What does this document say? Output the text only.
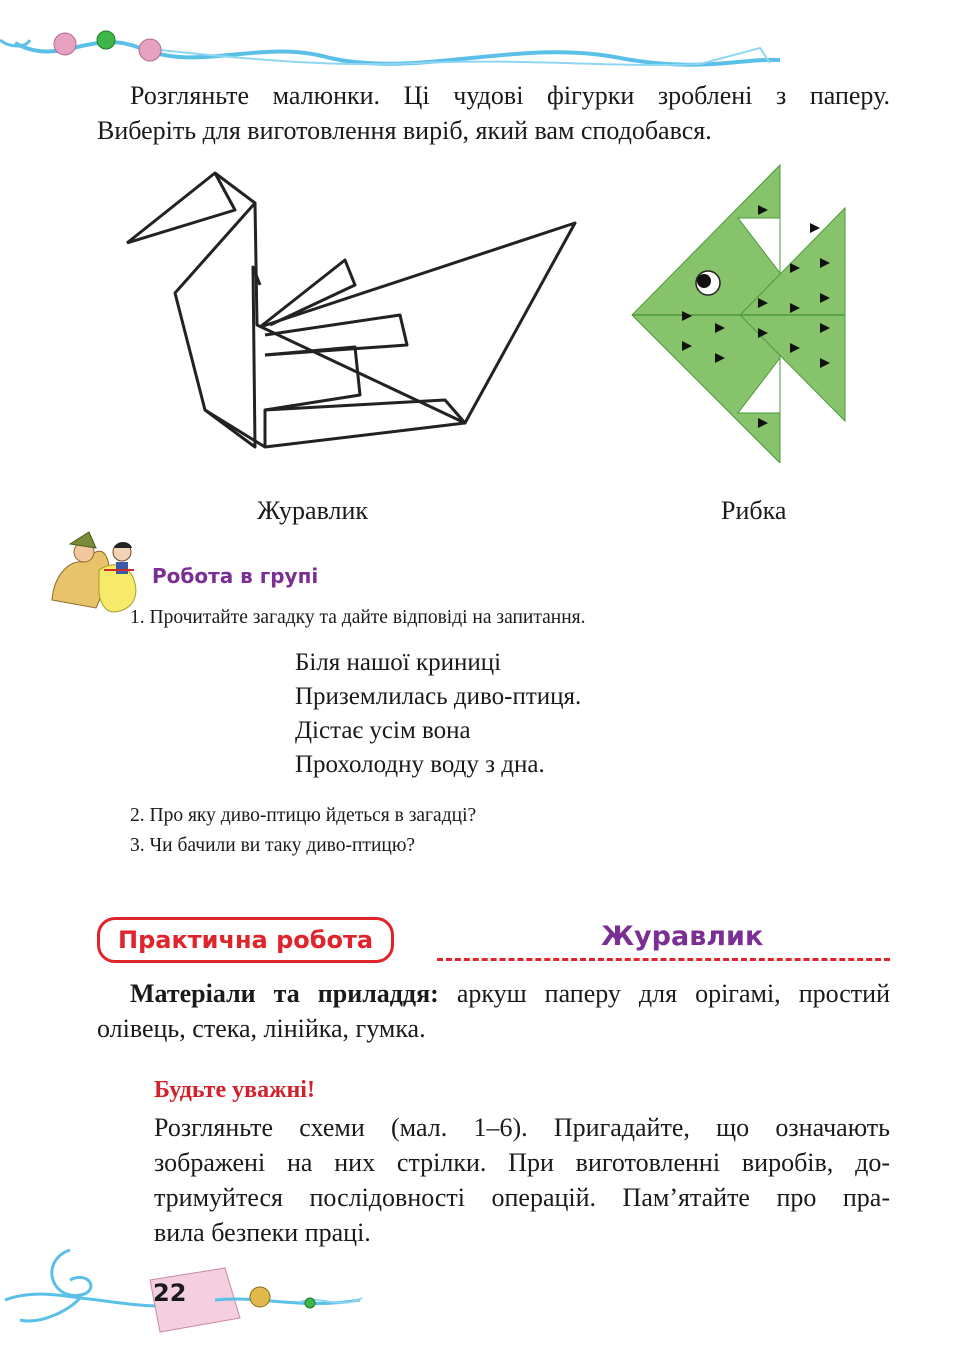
Розгляньте малюнки. Ці чудові фігурки зроблені з паперу.
Виберіть для виготовлення виріб, який вам сподобався.
Журавлик	Рибка
Робота в групі
1. Прочитайте загадку та дайте відповіді на запитання.
Біля нашої криниці
Приземлилась диво-птиця.
Дістає усім вона
Прохолодну воду з дна.
2. Про яку диво-птицю йдеться в загадці?
3. Чи бачили ви таку диво-птицю?
Практична робота	Журавлик
Матеріали та приладдя: аркуш паперу для орігамі, простий
олівець, стека, лінійка, гумка.
Будьте уважні!
Розгляньте схеми (мал. 1–6). Пригадайте, що означають
зображені на них стрілки. При виготовленні виробів, до-
тримуйтеся послідовності операцій. Пам’ятайте про пра-
вила безпеки праці.
22
